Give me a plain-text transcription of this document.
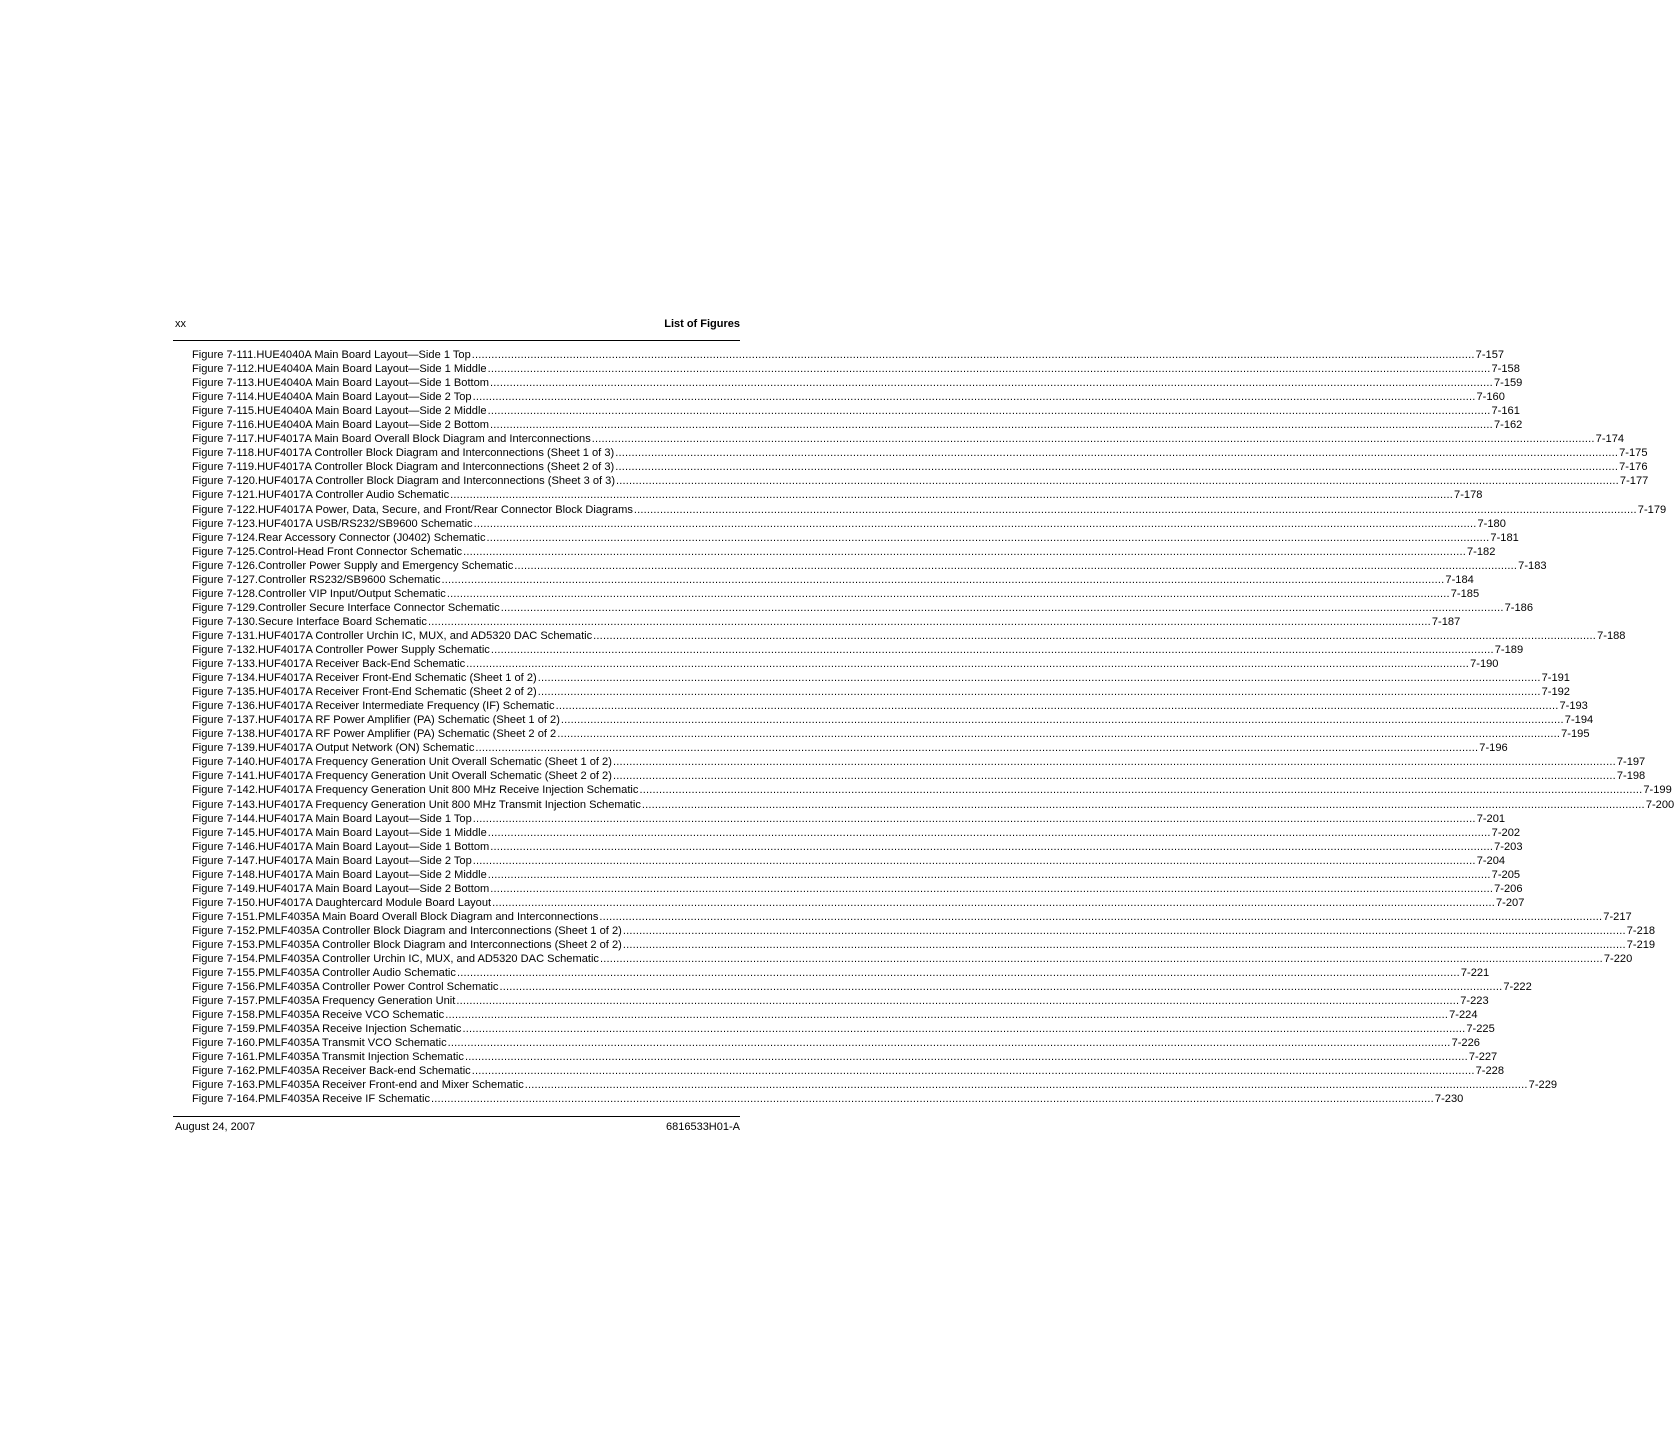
xx	List of Figures
Figure 7-111. HUE4040A Main Board Layout—Side 1 Top .....	7-157
Figure 7-112. HUE4040A Main Board Layout—Side 1 Middle .....	7-158
Figure 7-113. HUE4040A Main Board Layout—Side 1 Bottom .....	7-159
Figure 7-114. HUE4040A Main Board Layout—Side 2 Top .....	7-160
Figure 7-115. HUE4040A Main Board Layout—Side 2 Middle .....	7-161
Figure 7-116. HUE4040A Main Board Layout—Side 2 Bottom .....	7-162
Figure 7-117. HUF4017A Main Board Overall Block Diagram and Interconnections .....	7-174
Figure 7-118. HUF4017A Controller Block Diagram and Interconnections (Sheet 1 of 3) .....	7-175
Figure 7-119. HUF4017A Controller Block Diagram and Interconnections (Sheet 2 of 3) .....	7-176
Figure 7-120. HUF4017A Controller Block Diagram and Interconnections (Sheet 3 of 3) .....	7-177
Figure 7-121. HUF4017A Controller Audio Schematic .....	7-178
Figure 7-122. HUF4017A Power, Data, Secure, and Front/Rear Connector Block Diagrams .....	7-179
Figure 7-123. HUF4017A USB/RS232/SB9600 Schematic .....	7-180
Figure 7-124. Rear Accessory Connector (J0402) Schematic .....	7-181
Figure 7-125. Control-Head Front Connector Schematic .....	7-182
Figure 7-126. Controller Power Supply and Emergency Schematic .....	7-183
Figure 7-127. Controller RS232/SB9600 Schematic .....	7-184
Figure 7-128. Controller VIP Input/Output Schematic .....	7-185
Figure 7-129. Controller Secure Interface Connector Schematic .....	7-186
Figure 7-130. Secure Interface Board Schematic .....	7-187
Figure 7-131. HUF4017A Controller Urchin IC, MUX, and AD5320 DAC Schematic .....	7-188
Figure 7-132. HUF4017A Controller Power Supply Schematic .....	7-189
Figure 7-133. HUF4017A Receiver Back-End Schematic .....	7-190
Figure 7-134. HUF4017A Receiver Front-End Schematic (Sheet 1 of 2) .....	7-191
Figure 7-135. HUF4017A Receiver Front-End Schematic (Sheet 2 of 2) .....	7-192
Figure 7-136. HUF4017A Receiver Intermediate Frequency (IF) Schematic .....	7-193
Figure 7-137. HUF4017A RF Power Amplifier (PA) Schematic (Sheet 1 of 2) .....	7-194
Figure 7-138. HUF4017A RF Power Amplifier (PA) Schematic (Sheet 2 of 2 .....	7-195
Figure 7-139. HUF4017A Output Network (ON) Schematic .....	7-196
Figure 7-140. HUF4017A Frequency Generation Unit Overall Schematic (Sheet 1 of 2) .....	7-197
Figure 7-141. HUF4017A Frequency Generation Unit Overall Schematic (Sheet 2 of 2) .....	7-198
Figure 7-142. HUF4017A Frequency Generation Unit 800 MHz Receive Injection Schematic .....	7-199
Figure 7-143. HUF4017A Frequency Generation Unit 800 MHz Transmit Injection Schematic .....	7-200
Figure 7-144. HUF4017A Main Board Layout—Side 1 Top .....	7-201
Figure 7-145. HUF4017A Main Board Layout—Side 1 Middle .....	7-202
Figure 7-146. HUF4017A Main Board Layout—Side 1 Bottom .....	7-203
Figure 7-147. HUF4017A Main Board Layout—Side 2 Top .....	7-204
Figure 7-148. HUF4017A Main Board Layout—Side 2 Middle .....	7-205
Figure 7-149. HUF4017A Main Board Layout—Side 2 Bottom .....	7-206
Figure 7-150. HUF4017A Daughtercard Module Board Layout .....	7-207
Figure 7-151. PMLF4035A Main Board Overall Block Diagram and Interconnections .....	7-217
Figure 7-152. PMLF4035A Controller Block Diagram and Interconnections (Sheet 1 of 2) .....	7-218
Figure 7-153. PMLF4035A Controller Block Diagram and Interconnections (Sheet 2 of 2) .....	7-219
Figure 7-154. PMLF4035A Controller Urchin IC, MUX, and AD5320 DAC Schematic .....	7-220
Figure 7-155. PMLF4035A Controller Audio Schematic .....	7-221
Figure 7-156. PMLF4035A Controller Power Control Schematic .....	7-222
Figure 7-157. PMLF4035A Frequency Generation Unit .....	7-223
Figure 7-158. PMLF4035A Receive VCO Schematic .....	7-224
Figure 7-159. PMLF4035A Receive Injection Schematic .....	7-225
Figure 7-160. PMLF4035A Transmit VCO Schematic .....	7-226
Figure 7-161. PMLF4035A Transmit Injection Schematic .....	7-227
Figure 7-162. PMLF4035A Receiver Back-end Schematic .....	7-228
Figure 7-163. PMLF4035A Receiver Front-end and Mixer Schematic .....	7-229
Figure 7-164. PMLF4035A Receive IF Schematic .....	7-230
August 24, 2007	6816533H01-A
